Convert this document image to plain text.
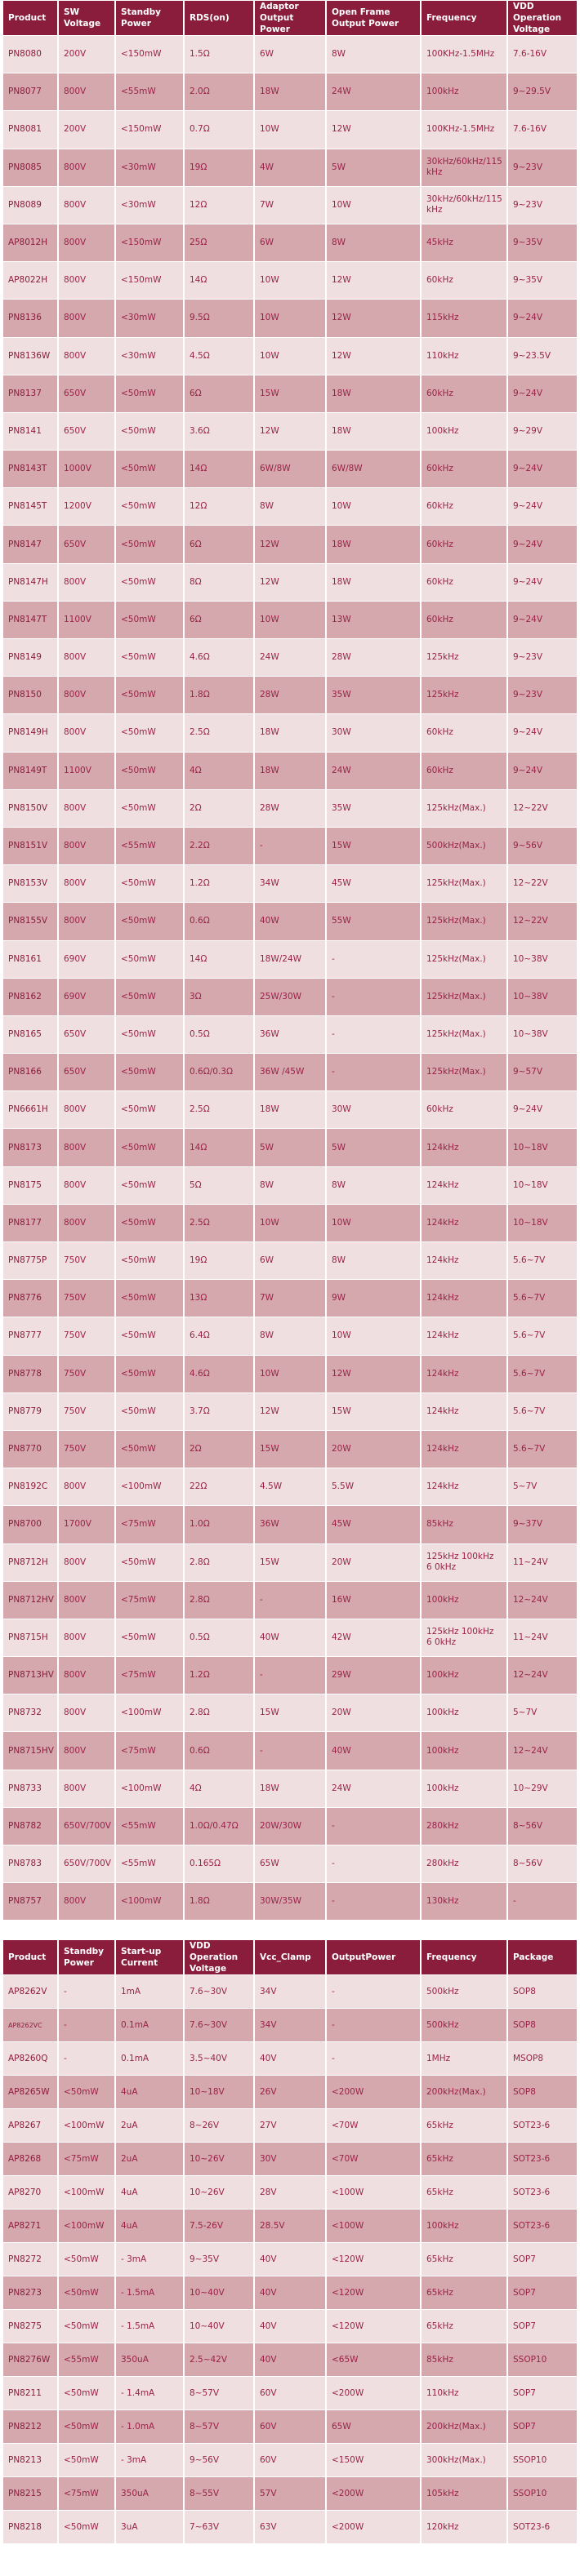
Product	SW Voltage	Standby Power	RDS(on)	Adaptor Output Power	Open Frame Output Power	Frequency	VDD Operation Voltage
PN8080	200V	<150mW	1.5Ω	6W	8W	100KHz-1.5MHz	7.6-16V
PN8077	800V	<55mW	2.0Ω	18W	24W	100kHz	9~29.5V
PN8081	200V	<150mW	0.7Ω	10W	12W	100KHz-1.5MHz	7.6-16V
PN8085	800V	<30mW	19Ω	4W	5W	30kHz/60kHz/115 kHz	9~23V
PN8089	800V	<30mW	12Ω	7W	10W	30kHz/60kHz/115 kHz	9~23V
AP8012H	800V	<150mW	25Ω	6W	8W	45kHz	9~35V
AP8022H	800V	<150mW	14Ω	10W	12W	60kHz	9~35V
PN8136	800V	<30mW	9.5Ω	10W	12W	115kHz	9~24V
PN8136W	800V	<30mW	4.5Ω	10W	12W	110kHz	9~23.5V
PN8137	650V	<50mW	6Ω	15W	18W	60kHz	9~24V
PN8141	650V	<50mW	3.6Ω	12W	18W	100kHz	9~29V
PN8143T	1000V	<50mW	14Ω	6W/8W	6W/8W	60kHz	9~24V
PN8145T	1200V	<50mW	12Ω	8W	10W	60kHz	9~24V
PN8147	650V	<50mW	6Ω	12W	18W	60kHz	9~24V
PN8147H	800V	<50mW	8Ω	12W	18W	60kHz	9~24V
PN8147T	1100V	<50mW	6Ω	10W	13W	60kHz	9~24V
PN8149	800V	<50mW	4.6Ω	24W	28W	125kHz	9~23V
PN8150	800V	<50mW	1.8Ω	28W	35W	125kHz	9~23V
PN8149H	800V	<50mW	2.5Ω	18W	30W	60kHz	9~24V
PN8149T	1100V	<50mW	4Ω	18W	24W	60kHz	9~24V
PN8150V	800V	<50mW	2Ω	28W	35W	125kHz(Max.)	12~22V
PN8151V	800V	<55mW	2.2Ω	-	15W	500kHz(Max.)	9~56V
PN8153V	800V	<50mW	1.2Ω	34W	45W	125kHz(Max.)	12~22V
PN8155V	800V	<50mW	0.6Ω	40W	55W	125kHz(Max.)	12~22V
PN8161	690V	<50mW	14Ω	18W/24W	-	125kHz(Max.)	10~38V
PN8162	690V	<50mW	3Ω	25W/30W	-	125kHz(Max.)	10~38V
PN8165	650V	<50mW	0.5Ω	36W	-	125kHz(Max.)	10~38V
PN8166	650V	<50mW	0.6Ω/0.3Ω	36W /45W	-	125kHz(Max.)	9~57V
PN6661H	800V	<50mW	2.5Ω	18W	30W	60kHz	9~24V
PN8173	800V	<50mW	14Ω	5W	5W	124kHz	10~18V
PN8175	800V	<50mW	5Ω	8W	8W	124kHz	10~18V
PN8177	800V	<50mW	2.5Ω	10W	10W	124kHz	10~18V
PN8775P	750V	<50mW	19Ω	6W	8W	124kHz	5.6~7V
PN8776	750V	<50mW	13Ω	7W	9W	124kHz	5.6~7V
PN8777	750V	<50mW	6.4Ω	8W	10W	124kHz	5.6~7V
PN8778	750V	<50mW	4.6Ω	10W	12W	124kHz	5.6~7V
PN8779	750V	<50mW	3.7Ω	12W	15W	124kHz	5.6~7V
PN8770	750V	<50mW	2Ω	15W	20W	124kHz	5.6~7V
PN8192C	800V	<100mW	22Ω	4.5W	5.5W	124kHz	5~7V
PN8700	1700V	<75mW	1.0Ω	36W	45W	85kHz	9~37V
PN8712H	800V	<50mW	2.8Ω	15W	20W	125kHz 100kHz 6 0kHz	11~24V
PN8712HV	800V	<75mW	2.8Ω	-	16W	100kHz	12~24V
PN8715H	800V	<50mW	0.5Ω	40W	42W	125kHz 100kHz 6 0kHz	11~24V
PN8713HV	800V	<75mW	1.2Ω	-	29W	100kHz	12~24V
PN8732	800V	<100mW	2.8Ω	15W	20W	100kHz	5~7V
PN8715HV	800V	<75mW	0.6Ω	-	40W	100kHz	12~24V
PN8733	800V	<100mW	4Ω	18W	24W	100kHz	10~29V
PN8782	650V/700V	<55mW	1.0Ω/0.47Ω	20W/30W	-	280kHz	8~56V
PN8783	650V/700V	<55mW	0.165Ω	65W	-	280kHz	8~56V
PN8757	800V	<100mW	1.8Ω	30W/35W	-	130kHz	-
Product	Standby Power	Start-up Current	VDD Operation Voltage	Vcc_Clamp	OutputPower	Frequency	Package
AP8262V	-	1mA	7.6~30V	34V	-	500kHz	SOP8
AP8262VC	-	0.1mA	7.6~30V	34V	-	500kHz	SOP8
AP8260Q	-	0.1mA	3.5~40V	40V	-	1MHz	MSOP8
AP8265W	<50mW	4uA	10~18V	26V	<200W	200kHz(Max.)	SOP8
AP8267	<100mW	2uA	8~26V	27V	<70W	65kHz	SOT23-6
AP8268	<75mW	2uA	10~26V	30V	<70W	65kHz	SOT23-6
AP8270	<100mW	4uA	10~26V	28V	<100W	65kHz	SOT23-6
AP8271	<100mW	4uA	7.5-26V	28.5V	<100W	100kHz	SOT23-6
PN8272	<50mW	- 3mA	9~35V	40V	<120W	65kHz	SOP7
PN8273	<50mW	- 1.5mA	10~40V	40V	<120W	65kHz	SOP7
PN8275	<50mW	- 1.5mA	10~40V	40V	<120W	65kHz	SOP7
PN8276W	<55mW	350uA	2.5~42V	40V	<65W	85kHz	SSOP10
PN8211	<50mW	- 1.4mA	8~57V	60V	<200W	110kHz	SOP7
PN8212	<50mW	- 1.0mA	8~57V	60V	65W	200kHz(Max.)	SOP7
PN8213	<50mW	- 3mA	9~56V	60V	<150W	300kHz(Max.)	SSOP10
PN8215	<75mW	350uA	8~55V	57V	<200W	105kHz	SSOP10
PN8218	<50mW	3uA	7~63V	63V	<200W	120kHz	SOT23-6
